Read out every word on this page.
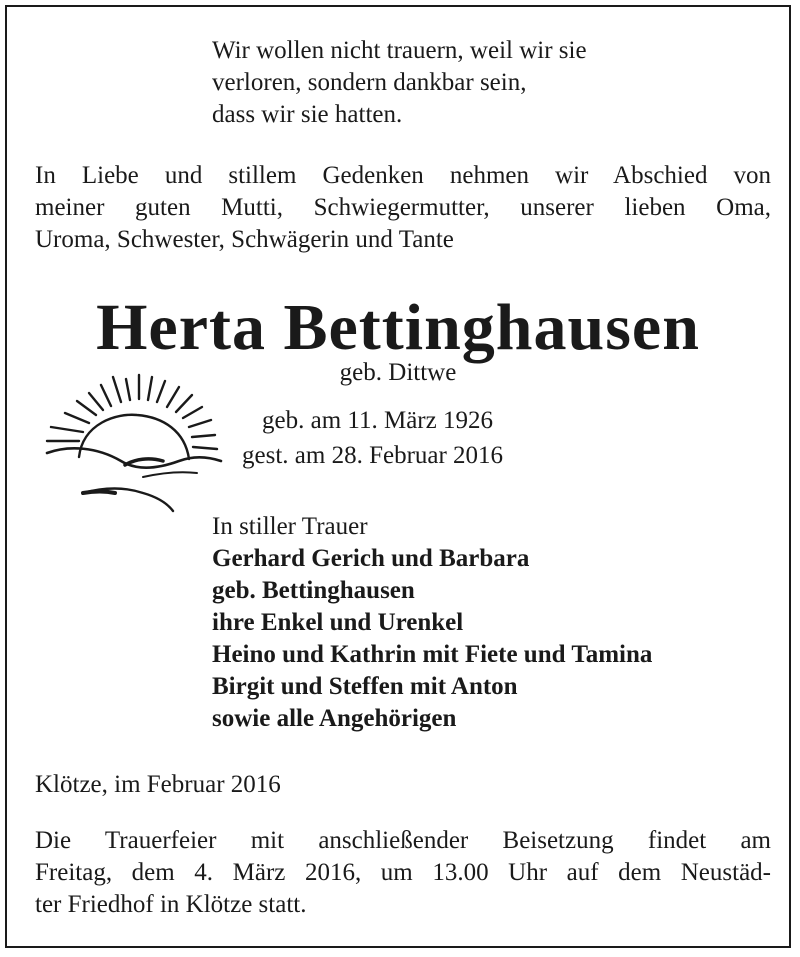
Wir wollen nicht trauern, weil wir sie
verloren, sondern dankbar sein,
dass wir sie hatten.
In Liebe und stillem Gedenken nehmen wir Abschied von
meiner guten Mutti, Schwiegermutter, unserer lieben Oma,
Uroma, Schwester, Schwägerin und Tante
Herta Bettinghausen
geb. Dittwe
geb. am 11. März 1926
gest. am 28. Februar 2016
In stiller Trauer
Gerhard Gerich und Barbara
geb. Bettinghausen
ihre Enkel und Urenkel
Heino und Kathrin mit Fiete und Tamina
Birgit und Steffen mit Anton
sowie alle Angehörigen
Klötze, im Februar 2016
Die Trauerfeier mit anschließender Beisetzung findet am
Freitag, dem 4. März 2016, um 13.00 Uhr auf dem Neustäd-
ter Friedhof in Klötze statt.
